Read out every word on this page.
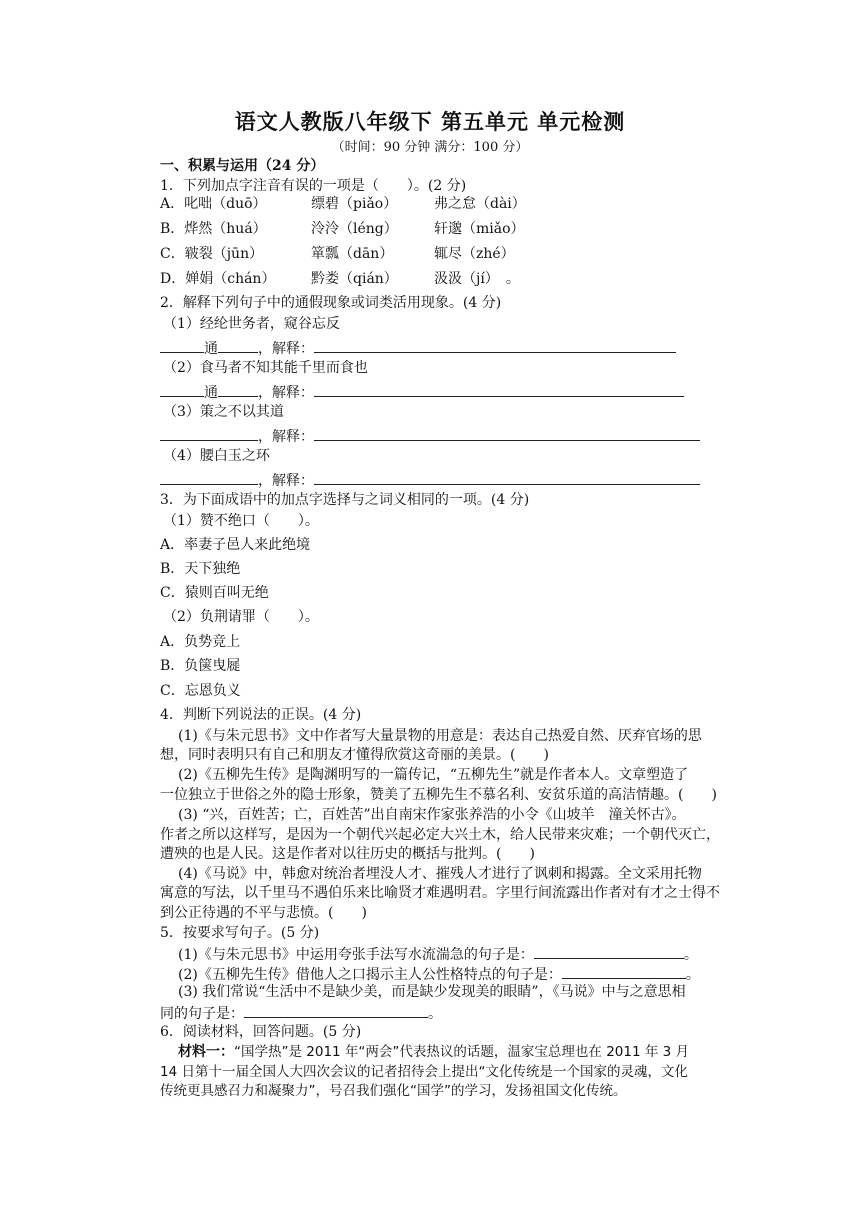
语文人教版八年级下 第五单元 单元检测
（时间：90 分钟 满分：100 分）
一、积累与运用（24 分）
1．下列加点字注音有误的一项是（　　）。(2 分)
A．叱咄（duō）	缥碧（piǎo）	弗之怠（dài）
B．烨然（huá）	泠泠（léng）	轩邈（miǎo）
C．皲裂（jūn）	箪瓢（dān）	辄尽（zhé）
D．婵娟（chán）	黔娄（qián）	汲汲（jí）　。
2．解释下列句子中的通假现象或词类活用现象。(4 分)
（1）经纶世务者，窥谷忘反
通	，解释：
（2）食马者不知其能千里而食也
通	，解释：
（3）策之不以其道
，解释：
（4）腰白玉之环
，解释：
3．为下面成语中的加点字选择与之词义相同的一项。(4 分)
（1）赞不绝口（　　）。
A．率妻子邑人来此绝境
B．天下独绝
C．猿则百叫无绝
（2）负荆请罪（　　）。
A．负势竞上
B．负箧曳屣
C．忘恩负义
4．判断下列说法的正误。(4 分)
(1)《与朱元思书》文中作者写大量景物的用意是：表达自己热爱自然、厌弃官场的思
想，同时表明只有自己和朋友才懂得欣赏这奇丽的美景。(　　)
(2)《五柳先生传》是陶渊明写的一篇传记，“五柳先生”就是作者本人。文章塑造了
一位独立于世俗之外的隐士形象，赞美了五柳先生不慕名利、安贫乐道的高洁情趣。(　　)
(3) “兴，百姓苦；亡，百姓苦”出自南宋作家张养浩的小令《山坡羊　潼关怀古》。
作者之所以这样写，是因为一个朝代兴起必定大兴土木，给人民带来灾难；一个朝代灭亡，
遭殃的也是人民。这是作者对以往历史的概括与批判。(　　)
(4)《马说》中，韩愈对统治者埋没人才、摧残人才进行了讽刺和揭露。全文采用托物
寓意的写法，以千里马不遇伯乐来比喻贤才难遇明君。字里行间流露出作者对有才之士得不
到公正待遇的不平与悲愤。(　　)
5．按要求写句子。(5 分)
(1)《与朱元思书》中运用夸张手法写水流湍急的句子是：	。
(2)《五柳先生传》借他人之口揭示主人公性格特点的句子是：	。
(3) 我们常说“生活中不是缺少美，而是缺少发现美的眼睛”，《马说》中与之意思相
同的句子是：	。
6．阅读材料，回答问题。(5 分)
材料一：“国学热”是 2011 年“两会”代表热议的话题，温家宝总理也在 2011 年 3 月
14 日第十一届全国人大四次会议的记者招待会上提出“文化传统是一个国家的灵魂，文化
传统更具感召力和凝聚力”，号召我们强化“国学”的学习，发扬祖国文化传统。
